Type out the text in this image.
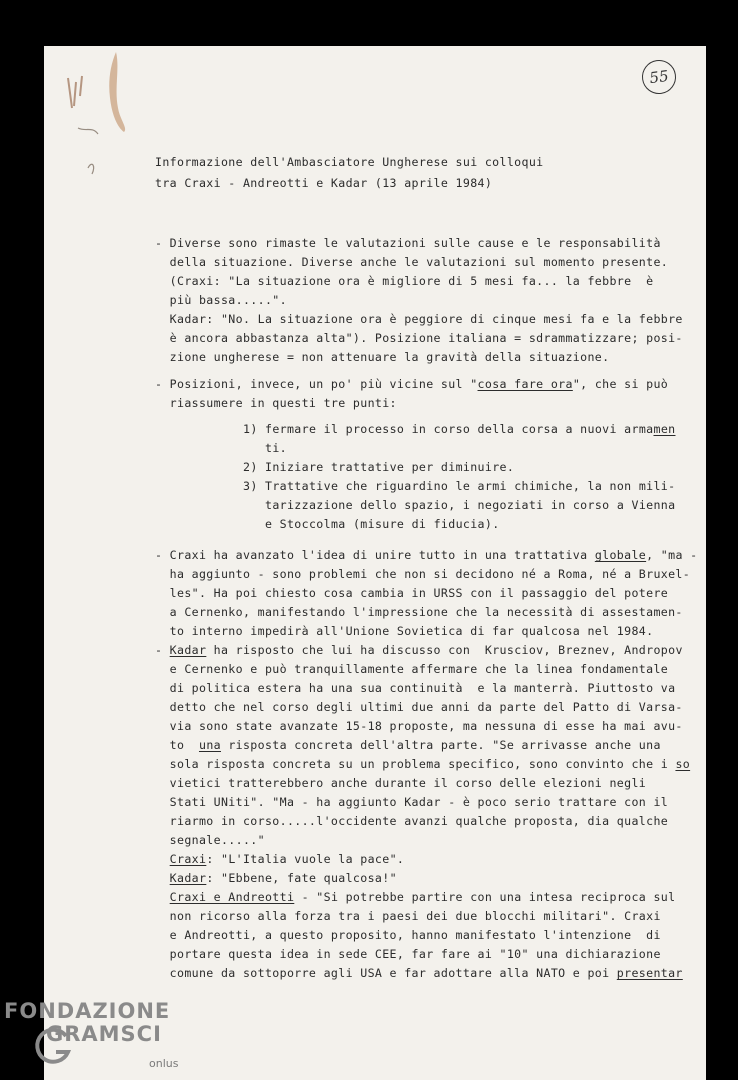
55
Informazione dell'Ambasciatore Ungherese sui colloqui
tra Craxi - Andreotti e Kadar (13 aprile 1984)
- Diverse sono rimaste le valutazioni sulle cause e le responsabilità
della situazione. Diverse anche le valutazioni sul momento presente.
(Craxi: "La situazione ora è migliore di 5 mesi fa... la febbre  è
più bassa.....".
Kadar: "No. La situazione ora è peggiore di cinque mesi fa e la febbre
è ancora abbastanza alta"). Posizione italiana = sdrammatizzare; posi-
zione ungherese = non attenuare la gravità della situazione.
- Posizioni, invece, un po' più vicine sul "cosa fare ora", che si può
riassumere in questi tre punti:
1) fermare il processo in corso della corsa a nuovi armamen
ti.
2) Iniziare trattative per diminuire.
3) Trattative che riguardino le armi chimiche, la non mili-
tarizzazione dello spazio, i negoziati in corso a Vienna
e Stoccolma (misure di fiducia).
- Craxi ha avanzato l'idea di unire tutto in una trattativa globale, "ma -
ha aggiunto - sono problemi che non si decidono né a Roma, né a Bruxel-
les". Ha poi chiesto cosa cambia in URSS con il passaggio del potere
a Cernenko, manifestando l'impressione che la necessità di assestamen-
to interno impedirà all'Unione Sovietica di far qualcosa nel 1984.
- Kadar ha risposto che lui ha discusso con  Krusciov, Breznev, Andropov
e Cernenko e può tranquillamente affermare che la linea fondamentale
di politica estera ha una sua continuità  e la manterrà. Piuttosto va
detto che nel corso degli ultimi due anni da parte del Patto di Varsa-
via sono state avanzate 15-18 proposte, ma nessuna di esse ha mai avu-
to  una risposta concreta dell'altra parte. "Se arrivasse anche una
sola risposta concreta su un problema specifico, sono convinto che i so
vietici tratterebbero anche durante il corso delle elezioni negli
Stati UNiti". "Ma - ha aggiunto Kadar - è poco serio trattare con il
riarmo in corso.....l'occidente avanzi qualche proposta, dia qualche
segnale....."
Craxi: "L'Italia vuole la pace".
Kadar: "Ebbene, fate qualcosa!"
Craxi e Andreotti - "Si potrebbe partire con una intesa reciproca sul
non ricorso alla forza tra i paesi dei due blocchi militari". Craxi
e Andreotti, a questo proposito, hanno manifestato l'intenzione  di
portare questa idea in sede CEE, far fare ai "10" una dichiarazione
comune da sottoporre agli USA e far adottare alla NATO e poi presentar
FONDAZIONE
GRAMSCI
onlus
